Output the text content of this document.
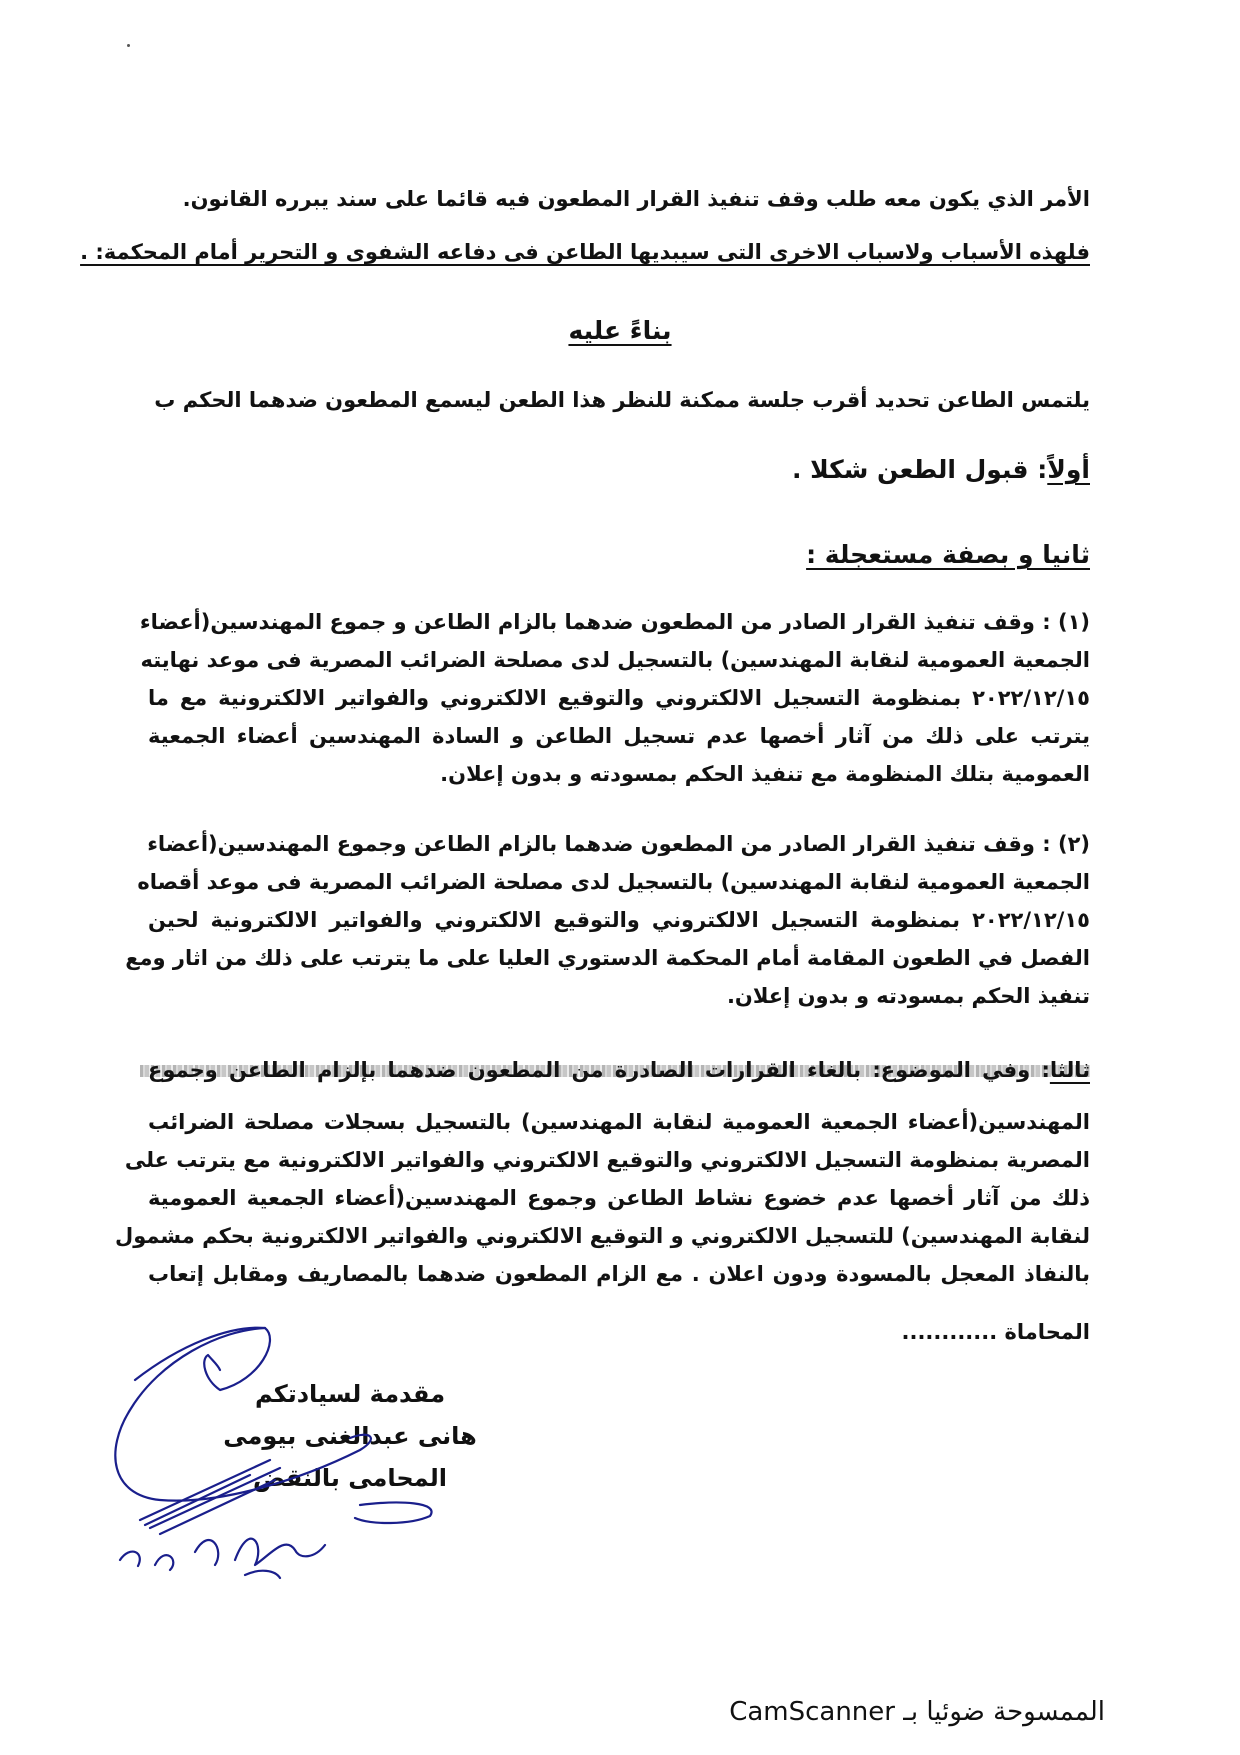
الأمر الذي يكون معه طلب وقف تنفيذ القرار المطعون فيه قائما على سند يبرره القانون.
فلهذه الأسباب ولاسباب الاخرى التى سيبديها الطاعن فى دفاعه الشفوى و التحرير أمام المحكمة: .
بناءً عليه
يلتمس الطاعن تحديد أقرب جلسة ممكنة للنظر هذا الطعن ليسمع المطعون ضدهما الحكم ب
أولاً: قبول الطعن شكلا .
ثانيا و بصفة مستعجلة :
(١) : وقف تنفيذ القرار الصادر من المطعون ضدهما بالزام الطاعن و جموع المهندسين(أعضاء
الجمعية العمومية لنقابة المهندسين) بالتسجيل لدى مصلحة الضرائب المصرية فى موعد نهايته
٢٠٢٢/١٢/١٥ بمنظومة التسجيل الالكتروني والتوقيع الالكتروني والفواتير الالكترونية مع ما
يترتب على ذلك من آثار أخصها عدم تسجيل الطاعن و السادة المهندسين أعضاء الجمعية
العمومية بتلك المنظومة مع تنفيذ الحكم بمسودته و بدون إعلان.
(٢) : وقف تنفيذ القرار الصادر من المطعون ضدهما بالزام الطاعن وجموع المهندسين(أعضاء
الجمعية العمومية لنقابة المهندسين) بالتسجيل لدى مصلحة الضرائب المصرية فى موعد أقصاه
٢٠٢٢/١٢/١٥ بمنظومة التسجيل الالكتروني والتوقيع الالكتروني والفواتير الالكترونية لحين
الفصل في الطعون المقامة أمام المحكمة الدستوري العليا على ما يترتب على ذلك من اثار ومع
تنفيذ الحكم بمسودته و بدون إعلان.
ثالثا: وفي الموضوع: بالغاء القرارات الصادرة من المطعون ضدهما بإلزام الطاعن وجموع
المهندسين(أعضاء الجمعية العمومية لنقابة المهندسين) بالتسجيل بسجلات مصلحة الضرائب
المصرية بمنظومة التسجيل الالكتروني والتوقيع الالكتروني والفواتير الالكترونية مع يترتب على
ذلك من آثار أخصها عدم خضوع نشاط الطاعن وجموع المهندسين(أعضاء الجمعية العمومية
لنقابة المهندسين) للتسجيل الالكتروني و التوقيع الالكتروني والفواتير الالكترونية بحكم مشمول
بالنفاذ المعجل بالمسودة ودون اعلان . مع الزام المطعون ضدهما بالمصاريف ومقابل إتعاب
المحاماة ............
مقدمة لسيادتكم
هانى عبدالغنى بيومى
المحامى بالنقض
الممسوحة ضوئيا بـ CamScanner
